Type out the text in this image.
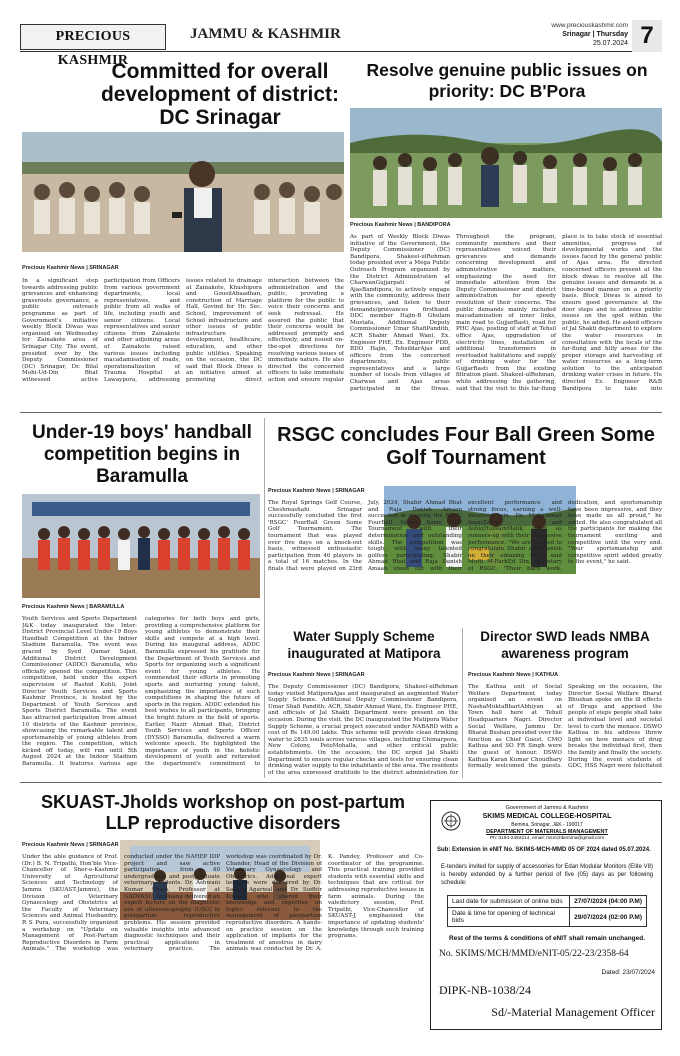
PRECIOUS KASHMIR
JAMMU & KASHMIR
www.preciouskashmir.com
Srinagar | Thursday
25.07.2024 7
Committed for overall development of district: DC Srinagar
Precious Kashmir News | SRINAGAR
In a significant step towards addressing public grievances and enhancing grassroots governance, a public outreach programme as part of Government's initiative weekly Block Diwas was organised on Wednesday for Zainakote area of Srinagar City. The event, presided over by the Deputy Commissioner (DC) Srinagar, Dr. Bilal Mohi-Ud-Din Bhat witnessed active participation from Officers from various government departments, local representatives, and public from all walks of life, including youth and senior citizens. Local representatives and senior citizens from Zainakote and other adjoining areas of Zainakote raised various issues including macadamisation of roads, operationalization of Trauma Hospital at Lawaypora, addressing issues related to drainage at Zainakote, Khushipora and GousilAbaadhan, construction of Marriage Hall, Govind for Hr. Sec. School, improvement of School infrastructure and other issues of public infrastructure development, healthcare, education, and other public utilities. Speaking on the occasion, the DC said that Block Diwas is an initiative aimed at promoting direct interaction between the administration and the public, providing a platform for the public to voice their concerns and seek redressal. He assured the public that their concerns would be addressed promptly and effectively, and issued on-the-spot directions for resolving various issues of immediate nature. He also directed the concerned officers to take immediate action and ensure regular
Resolve genuine public issues on priority: DC B'Pora
Precious Kashmir News | BANDIPORA
As part of Weekly Block Diwas initiative of the Government, the Deputy Commissioner (DC) Bandipora, Shakeel-ulRehman today presided over a Mega Public Outreach Program organized by the District Administration at CharwanGujjarpati of AjasBandipora, to actively engage with the community, address their grievances, and listen to their demands/grievances firsthand. DDC member Hajin-B Ghulam Mustafa, Additional Deputy Commissioner Umar ShafiPandith, ACR Shabir Ahmad Wani, Ex. Engineer PHE, Ex. Engineer PDD, BDO Hajin, TehsildarAjas and officers from the concerned departments, public representatives and a large number of locals from villages of Charwan and Ajas areas participated in the Diwas. Throughout the program, community members and their representatives voiced their grievances and demands concerning development and administrative matters, emphasizing the need for immediate attention from the Deputy Commissioner and district administration for speedy resolution of their concerns. The public demands mainly included macadamization of inner links, main road to GujjarBasti, road for PHC Ajas, posting of staff at Tehsil office Ajas, upgradation of electricity lines, installation of additional transformers in overloaded habitations and supply of drinking water for the GujjarBasti from the existing filtration plant. Shakeel-ulRehman, while addressing the gathering, said that the visit to this far-flung place is to take stock of essential amenities, progress of developmental works and the issues faced by the general public of Ajas area. He directed concerned officers present at the block diwas to resolve all the genuine issues and demands in a time-bound manner on a priority basis. Block Diwas is aimed to ensure good governance at the door steps and to address public issues on the spot within the public, he added. He asked officers of Jal Shakti department to explore the water resources in consultation with the locals of the far-flung and hilly areas for the proper storage and harvesting of water resources as a long-term solution to the anticipated drinking water crises in future. He directed Ex. Engineer R&B Bandipora to take into
Under-19 boys' handball competition begins in Baramulla
Precious Kashmir News | BARAMULLA
Youth Services and Sports Department J&K today inaugurated the Inter-District Provincial Level Under-19 Boys Handball Competition at the Indoor Stadium Baramulla. The event was graced by Syed Qamar Sajad, Additional District Development Commissioner (ADDC) Baramulla, who officially opened the competition. This competition, held under the expert supervision of Rashid Kohli, Joint Director Youth Services and Sports Kashmir Province, is hosted by the Department of Youth Services and Sports District Baramulla. The event has attracted participation from almost 10 districts of the Kashmir province, showcasing the remarkable talent and sportsmanship of young athletes from the region. The competition, which kicked off today, will run until 5th August 2024 at the Indoor Stadium Baramulla. It features various age categories for both boys and girls, providing a comprehensive platform for young athletes to demonstrate their skills and compete at a high level. During his inaugural address, ADDC Baramulla expressed his gratitude for the Department of Youth Services and Sports for organizing such a significant event for young athletes. He commended their efforts in promoting sports and nurturing young talent, emphasizing the importance of such competitions in shaping the future of sports in the region. ADDC extended his best wishes to all participants, bringing the bright future in the field of sports. Earlier, Nazir Ahmad Bhat, District Youth Services and Sports Officer (DYSSO) Baramulla, delivered a warm welcome speech. He highlighted the importance of youth in the holistic development of youth and reiterated the department's commitment to
RSGC concludes Four Ball Green Some Golf Tournament
Precious Kashmir News | SRINAGAR
The Royal Springs Golf Course, Cheshmashahi Srinagar successfully concluded the first 'RSGC' FourBall Green Some Golf Tournament. The tournament that was played over five days on a knock-out basis, witnessed enthusiastic participation from 40 players in a total of 16 matches. In the finals that were played on 23rd July, 2024, Shabir Ahmad Bhat and Raja Danish Amaan succeeded in winning the RSGC FourBall Green Some Golf Tournament with their determination and outstanding skills. The competition was tough, with many talented golfers participating. Shabir Ahmad Bhat and Raja Danish Amaan stood out with their excellent performance and strong focus, earning a well-deserved win. Dr. Mohammad InamZaroo and AshiqHussainMalik stood as runners-up with their impressive performance. "We are thrilled to congratulate Shabir and Danish on their amazing win," said Mufti M-FarhEd Din, Secretary of RSGC. "Their hard work, dedication, and sportsmanship have been impressive, and they have made us all proud," he added. He also congratulated all the participants for making the tournament exciting and competitive until the very end. "Your sportsmanship and competitive spirit added greatly to the event," he said.
Water Supply Scheme inaugurated at Matipora
Precious Kashmir News | SRINAGAR
The Deputy Commissioner (DC) Bandipora, Shakeel-ulRehman today visited MatiporaAjas and inaugurated an augmented Water Supply Scheme. Additional Deputy Commissioner Bandipora, Umar Shafi Pandith; ACR, Shabir Ahmad Wani, Ex. Engineer PHE, and officials of Jal Shakti Department were present on the occasion. During the visit, the DC inaugurated the Matipora Water Supply Scheme, a crucial project executed under NABARD with a cost of Rs 149.00 lakhs. This scheme will provide clean drinking water to 2835 souls across various villages, including Chimarpora, New Colony, PetoMohalla, and other critical public establishments. On the occasion, the DC urged Jal Shakti Department to ensure regular checks and tests for ensuring clean drinking water supply to the inhabitants of the area. The residents of the area expressed gratitude to the district administration for
Director SWD leads NMBA awareness program
Precious Kashmir News | KATHUA
The Kathua unit of Social Welfare Department today organised an event on NashaMuktaBhartAbhiyan at Town hall here at Tehsil Headquarters Nagri. Director Social Welfare, Jammu Dr. Bharat Bushan presided over the function as Chief Guest. CMO Kathua and SO FR Singh were the guest of honour. DSWO Kathua Karan Kumar Choudhary formally welcomed the guests. Speaking on the occasion, the Director Social Welfare Bharat Bhushan spoke on the ill effects of Drugs and apprised the people of steps people shall take at individual level and societal level to curb the menace. DSWO Kathua in his address threw light on how menace of drug breaks the individual first, then the family and finally the society. During the event students of GDC, HSS Nagri were felicitated
SKUAST-Jholds workshop on post-partum LLP reproductive disorders
Precious Kashmir News | SRINAGAR
Under the able guidance of Prof. (Dr.) B. N. Tripathi, Hon'ble Vice-Chancellor of Sher-e-Kashmir University of Agricultural Sciences and Technology of Jammu (SKUAST-Jammu), the Division of Veterinary Gynaecology and Obstetrics at the Faculty of Veterinary Sciences and Animal Husbandry, R S Pura, successfully organized a workshop on "Update on Management of Post-Partum Reproductive Disorders in Farm Animals." The workshop was conducted under the NAHEP IDP project and saw active participation from 40 undergraduate and postgraduate veterinary students. Dr. Ashwani Kumar Singh, Professor at GADVASU, Ludhiana delivered an expert lecture on the diagnostic use of ultrasonography (USG) in postpartum reproductive problems. His session provided valuable insights into advanced diagnostic techniques and their practical applications in veterinary practice. The workshop was coordinated by Dr. Chander, Head of the Division of Veterinary Gynaecology and Obstetrics. Additional expert lectures were delivered by Dr. Sanjay Agarwal and Dr. Sudhir Kumar, who shared their knowledge and expertise on topics relevant to the management of postpartum reproductive disorders. A hands-on practice session on the application of implants for the treatment of anestrus in dairy animals was conducted by Dr. A. K. Pandey, Professor and Co-coordinator of the programme. This practical training provided students with essential skills and techniques that are critical for addressing reproductive issues in farm animals. During the valedictory session, Prof. Tripathi, Vice-Chancellor of SKUAST-J, emphasized the importance of updating students' knowledge through such training programs.
Government of Jammu & Kashmir
SKIMS MEDICAL COLLEGE-HOSPITAL
Bemina, Srinagar, J&K - 190017
DEPARTMENT OF MATERIALS MANAGEMENT
Ph: 0194-2492214, email: msmchbemina@gmail.com
Sub: Extension in eNIT No. SKIMS-MCH-MMD 05 OF 2024 dated 05.07.2024.
E-tenders invited for supply of accessories for Edan Modular Monitors (Elite V8) is hereby extended by a further period of five (05) days as per following schedule:
Last date for submission of online bids	27/07/2024 (04:00 P.M)
Date & time for opening of technical bids	29/07/2024 (02:00 P.M)
Rest of the terms & conditions of eNIT shall remain unchanged.
No. SKIMS/MCH/MMD/eNIT-05/22-23/2358-64
Dated: 23/07/2024
DIPK-NB-1038/24
Sd/-Material Management Officer
